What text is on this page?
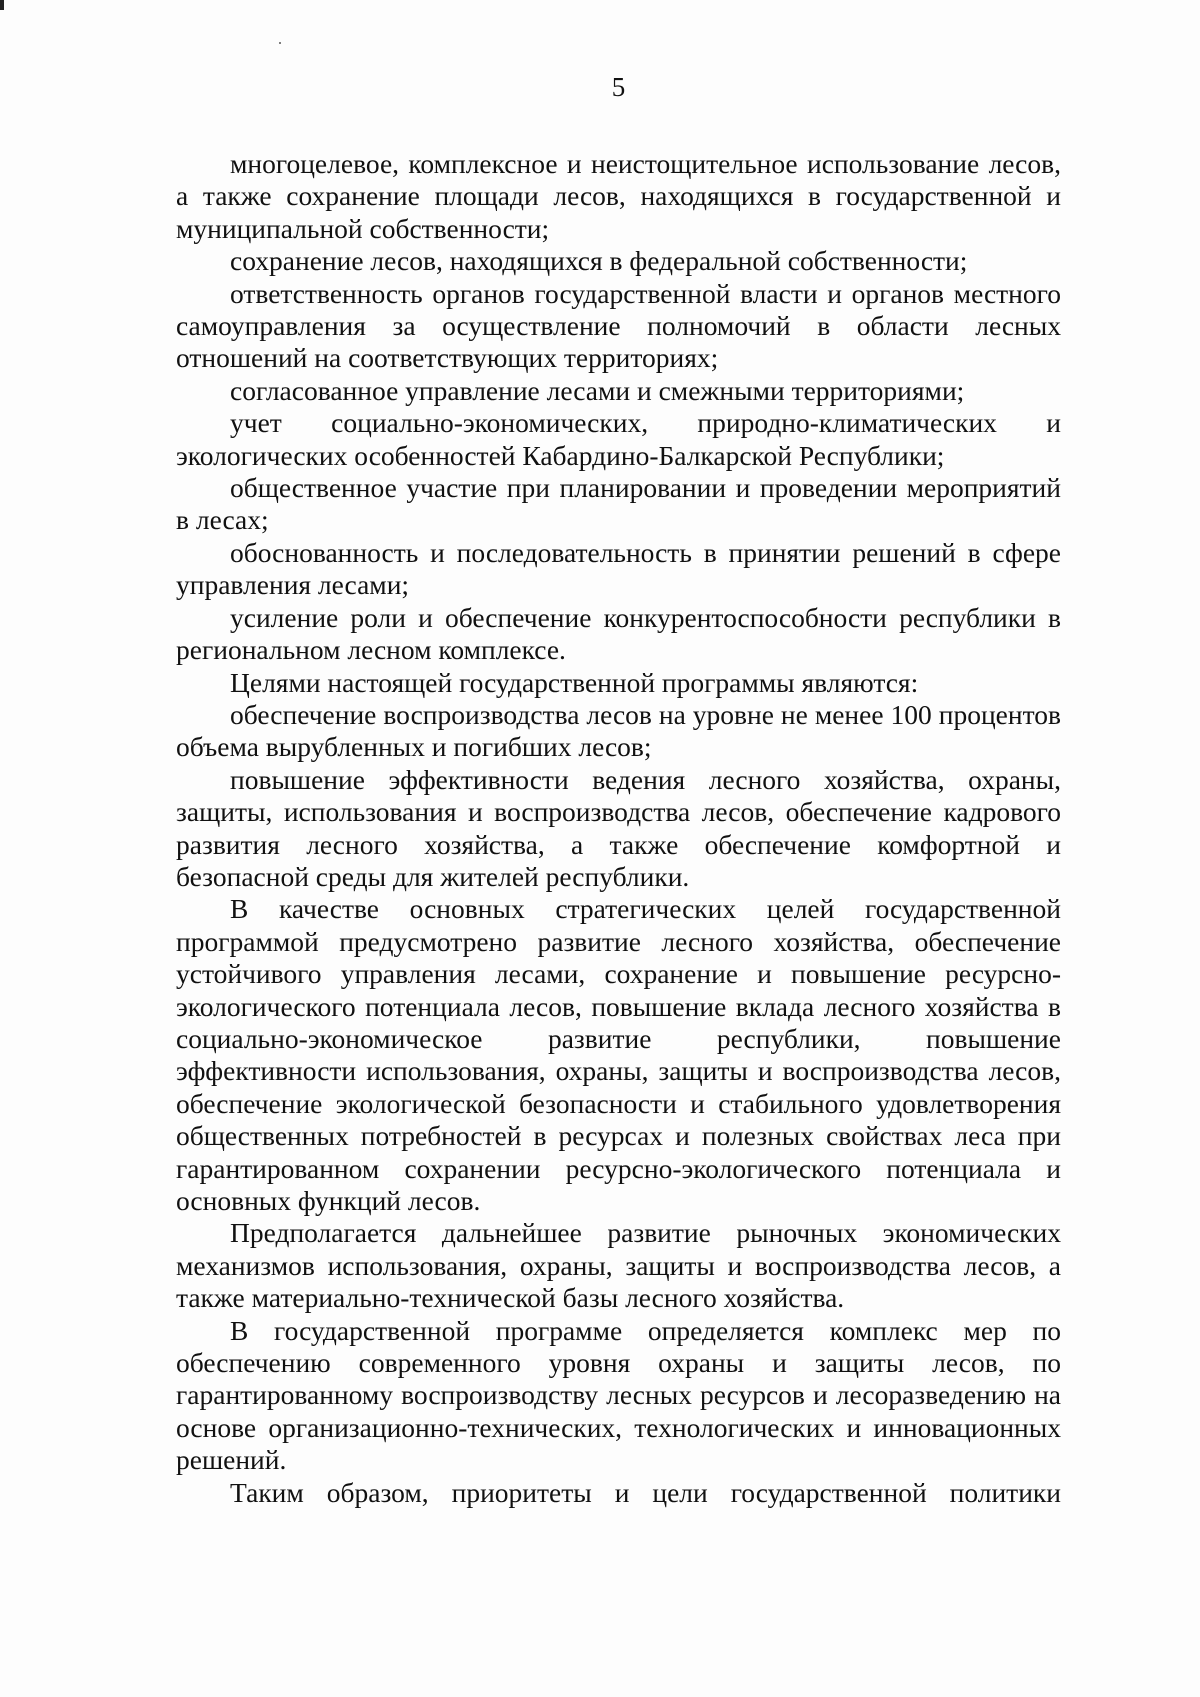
5

многоцелевое, комплексное и неистощительное использование лесов, а также сохранение площади лесов, находящихся в государственной и муниципальной собственности;

сохранение лесов, находящихся в федеральной собственности;

ответственность органов государственной власти и органов местного самоуправления за осуществление полномочий в области лесных отношений на соответствующих территориях;

согласованное управление лесами и смежными территориями;

учет социально-экономических, природно-климатических и экологических особенностей Кабардино-Балкарской Республики;

общественное участие при планировании и проведении мероприятий в лесах;

обоснованность и последовательность в принятии решений в сфере управления лесами;

усиление роли и обеспечение конкурентоспособности республики в региональном лесном комплексе.

Целями настоящей государственной программы являются:

обеспечение воспроизводства лесов на уровне не менее 100 процентов объема вырубленных и погибших лесов;

повышение эффективности ведения лесного хозяйства, охраны, защиты, использования и воспроизводства лесов, обеспечение кадрового развития лесного хозяйства, а также обеспечение комфортной и безопасной среды для жителей республики.

В качестве основных стратегических целей государственной программой предусмотрено развитие лесного хозяйства, обеспечение устойчивого управления лесами, сохранение и повышение ресурсно-экологического потенциала лесов, повышение вклада лесного хозяйства в социально-экономическое развитие республики, повышение эффективности использования, охраны, защиты и воспроизводства лесов, обеспечение экологической безопасности и стабильного удовлетворения общественных потребностей в ресурсах и полезных свойствах леса при гарантированном сохранении ресурсно-экологического потенциала и основных функций лесов.

Предполагается дальнейшее развитие рыночных экономических механизмов использования, охраны, защиты и воспроизводства лесов, а также материально-технической базы лесного хозяйства.

В государственной программе определяется комплекс мер по обеспечению современного уровня охраны и защиты лесов, по гарантированному воспроизводству лесных ресурсов и лесоразведению на основе организационно-технических, технологических и инновационных решений.

Таким образом, приоритеты и цели государственной политики
